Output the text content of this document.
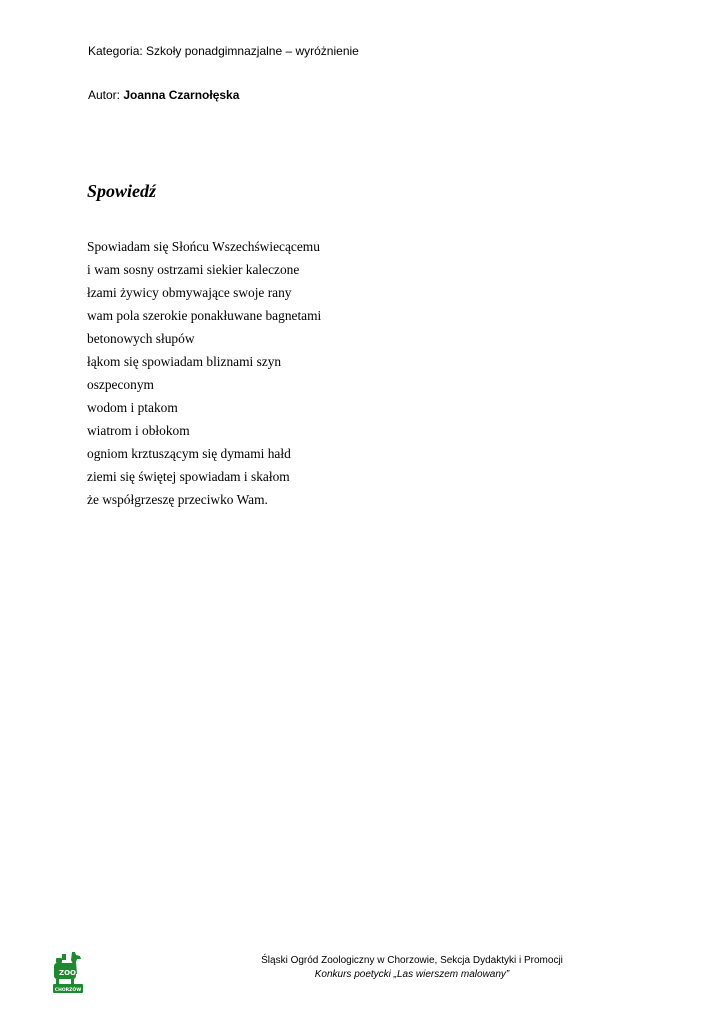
Kategoria: Szkoły ponadgimnazjalne – wyróżnienie
Autor: Joanna Czarnołęska
Spowiedź
Spowiadam się Słońcu Wszechświecącemu
i wam sosny ostrzami siekier kaleczone
łzami żywicy obmywające swoje rany
wam pola szerokie ponakłuwane bagnetami
betonowych słupów
łąkom się spowiadam bliznami szyn
oszpeconym
wodom i ptakom
wiatrom i obłokom
ogniom krztuszącym się dymami hałd
ziemi się świętej spowiadam i skałom
że współgrzeszę przeciwko Wam.
ZOO
CHORZÓW
Śląski Ogród Zoologiczny w Chorzowie, Sekcja Dydaktyki i Promocji
Konkurs poetycki „Las wierszem malowany”
